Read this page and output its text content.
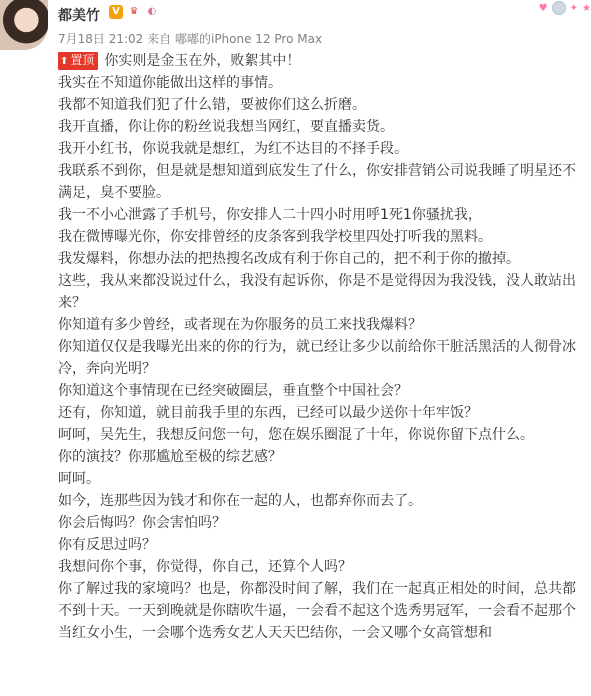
都美竹	V ♛ ◐	♥ ✦ ★
7月18日 21:02 来自 嘟嘟的iPhone 12 Pro Max

⬆ 置顶 你实则是金玉在外，败絮其中！

我实在不知道你能做出这样的事情。

我都不知道我们犯了什么错，要被你们这么折磨。

我开直播，你让你的粉丝说我想当网红，要直播卖货。

我开小红书，你说我就是想红，为红不达目的不择手段。

我联系不到你，但是就是想知道到底发生了什么，你安排营销公司说我睡了明星还不满足，臭不要脸。

我一不小心泄露了手机号，你安排人二十四小时用呼1死1你骚扰我，

我在微博曝光你，你安排曾经的皮条客到我学校里四处打听我的黑料。

我发爆料，你想办法的把热搜名改成有利于你自己的，把不利于你的撤掉。

这些，我从来都没说过什么，我没有起诉你，你是不是觉得因为我没钱，没人敢站出来？

你知道有多少曾经，或者现在为你服务的员工来找我爆料？

你知道仅仅是我曝光出来的你的行为，就已经让多少以前给你干脏活黑活的人彻骨冰冷，奔向光明？

你知道这个事情现在已经突破圈层，垂直整个中国社会？

还有，你知道，就目前我手里的东西，已经可以最少送你十年牢饭？

呵呵，吴先生，我想反问您一句，您在娱乐圈混了十年，你说你留下点什么。

你的演技？你那尴尬至极的综艺感？

呵呵。

如今，连那些因为钱才和你在一起的人，也都弃你而去了。

你会后悔吗？你会害怕吗？

你有反思过吗？

我想问你个事，你觉得，你自己，还算个人吗？

你了解过我的家境吗？也是，你都没时间了解，我们在一起真正相处的时间，总共都不到十天。一天到晚就是你瞎吹牛逼，一会看不起这个选秀男冠军，一会看不起那个当红女小生，一会哪个选秀女艺人天天巴结你，一会又哪个女高管想和
